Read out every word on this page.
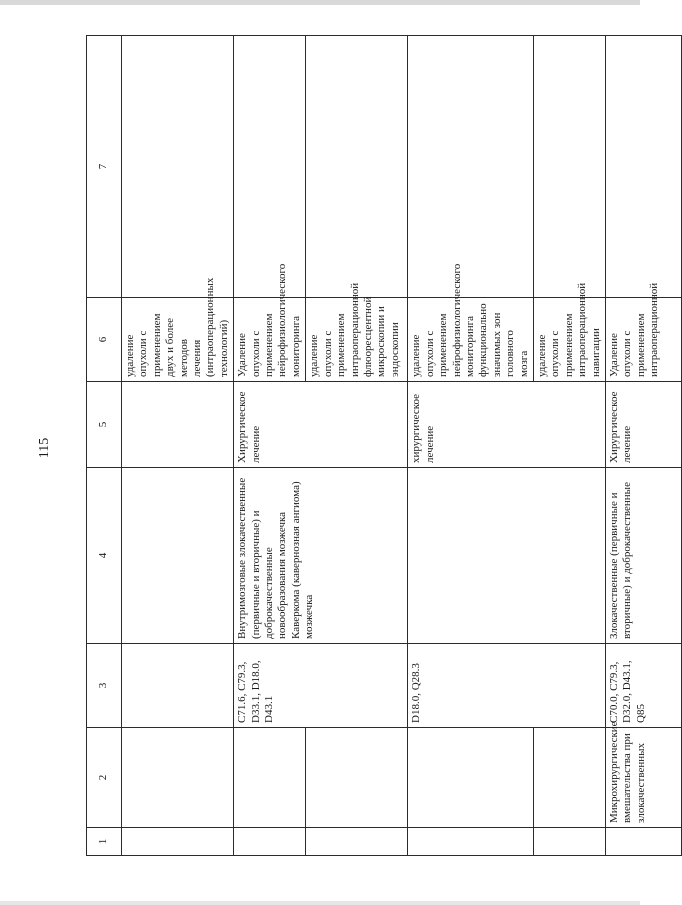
115
1	2	3	4	5	6	7
					удаление опухоли с применением двух и более методов лечения (интраоперационных технологий)	
		C71.6, C79.3, D33.1, D18.0, D43.1	Внутримозговые злокачественные (первичные и вторичные) и доброкачественные новообразования мозжечка Каверкома (кавернозная ангиома) мозжечка	Хирургическое лечение	Удаление опухоли с применением нейрофизиологического мониторинга	
					удаление опухоли с применением интраоперационной флюоресцентной микроскопии и эндоскопии	
		D18.0, Q28.3		хирургическое лечение	удаление опухоли с применением нейрофизиологического мониторинга функционально значимых зон головного мозга	
					удаление опухоли с применением интраоперационной навигации	
	Микрохирургические вмешательства при злокачественных	C70.0, C79.3, D32.0, D43.1, Q85	Злокачественные (первичные и вторичные) и доброкачественные	Хирургическое лечение	Удаление опухоли с применением интраоперационной	
